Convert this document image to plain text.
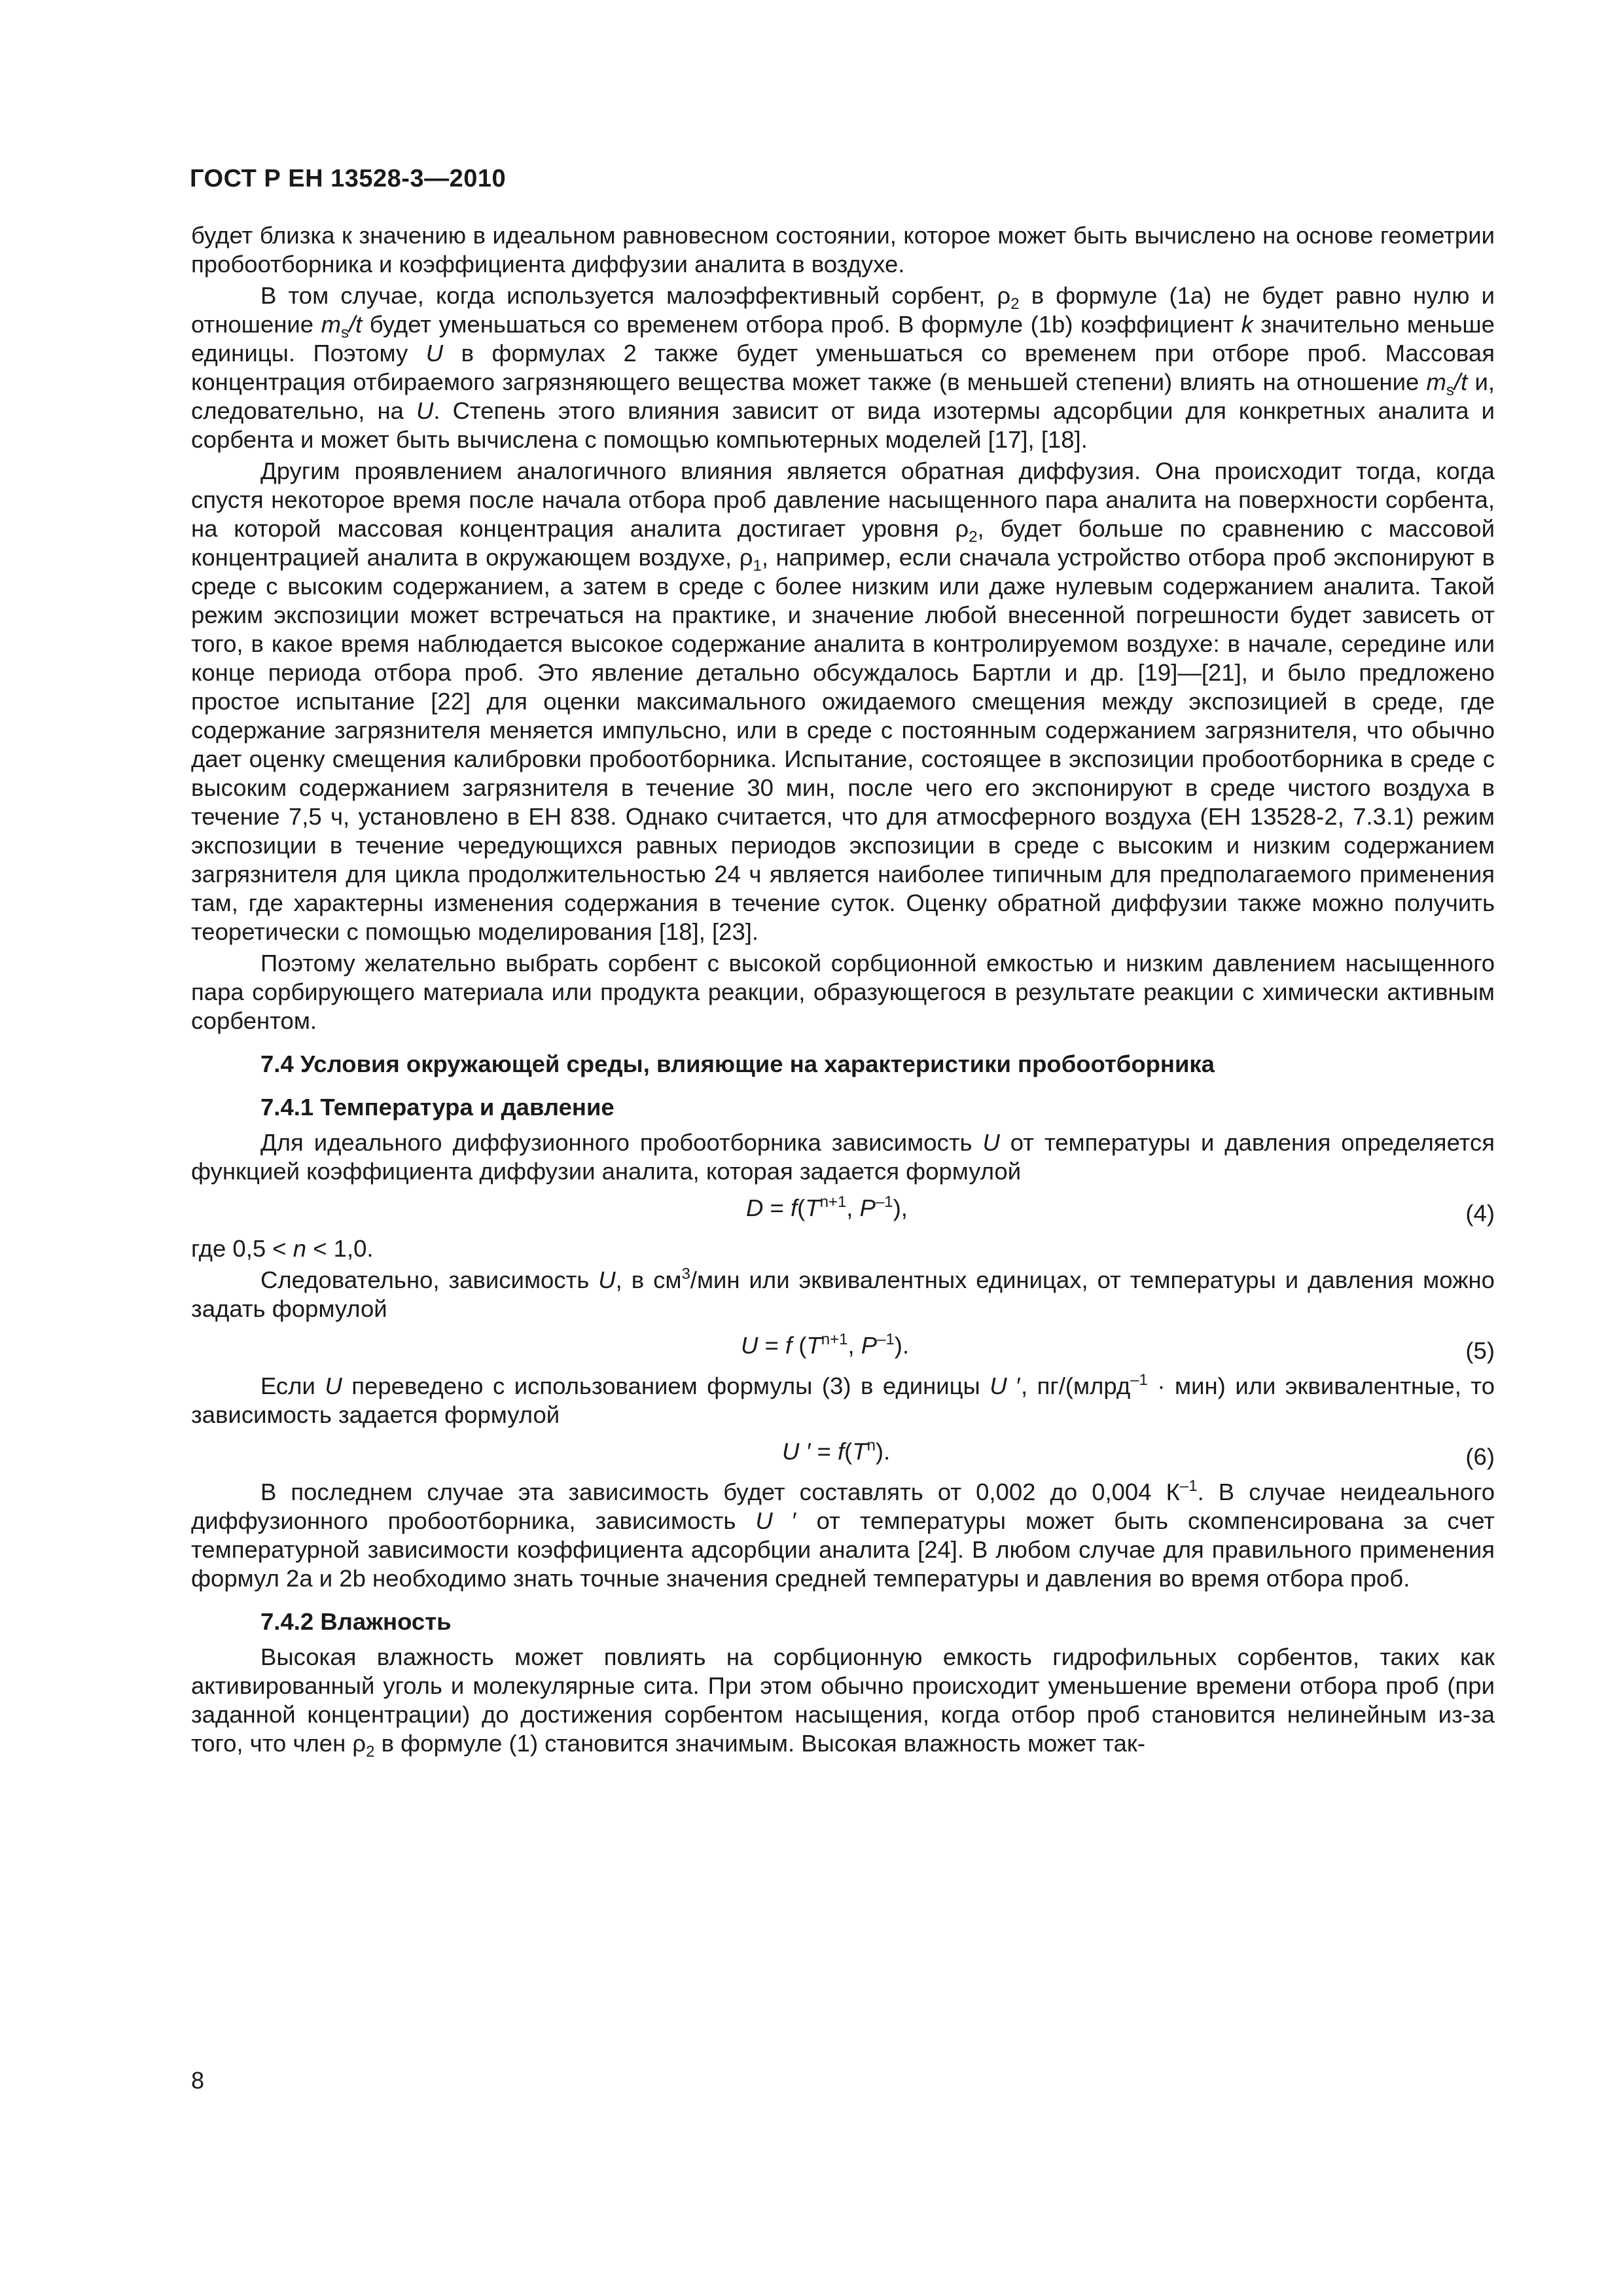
ГОСТ Р ЕН 13528-3—2010

будет близка к значению в идеальном равновесном состоянии, которое может быть вычислено на основе геометрии пробоотборника и коэффициента диффузии аналита в воздухе.

В том случае, когда используется малоэффективный сорбент, $\rho_2$ в формуле (1а) не будет равно нулю и отношение $m_s/t$ будет уменьшаться со временем отбора проб. В формуле (1b) коэффициент k значительно меньше единицы. Поэтому U в формулах 2 также будет уменьшаться со временем при отборе проб. Массовая концентрация отбираемого загрязняющего вещества может также (в меньшей степени) влиять на отношение $m_s/t$ и, следовательно, на U. Степень этого влияния зависит от вида изотермы адсорбции для конкретных аналита и сорбента и может быть вычислена с помощью компьютерных моделей [17], [18].

Другим проявлением аналогичного влияния является обратная диффузия. Она происходит тогда, когда спустя некоторое время после начала отбора проб давление насыщенного пара аналита на поверхности сорбента, на которой массовая концентрация аналита достигает уровня $\rho_2$, будет больше по сравнению с массовой концентрацией аналита в окружающем воздухе, $\rho_1$, например, если сначала устройство отбора проб экспонируют в среде с высоким содержанием, а затем в среде с более низким или даже нулевым содержанием аналита. Такой режим экспозиции может встречаться на практике, и значение любой внесенной погрешности будет зависеть от того, в какое время наблюдается высокое содержание аналита в контролируемом воздухе: в начале, середине или конце периода отбора проб. Это явление детально обсуждалось Бартли и др. [19]—[21], и было предложено простое испытание [22] для оценки максимального ожидаемого смещения между экспозицией в среде, где содержание загрязнителя меняется импульсно, или в среде с постоянным содержанием загрязнителя, что обычно дает оценку смещения калибровки пробоотборника. Испытание, состоящее в экспозиции пробоотборника в среде с высоким содержанием загрязнителя в течение 30 мин, после чего его экспонируют в среде чистого воздуха в течение 7,5 ч, установлено в ЕН 838. Однако считается, что для атмосферного воздуха (ЕН 13528-2, 7.3.1) режим экспозиции в течение чередующихся равных периодов экспозиции в среде с высоким и низким содержанием загрязнителя для цикла продолжительностью 24 ч является наиболее типичным для предполагаемого применения там, где характерны изменения содержания в течение суток. Оценку обратной диффузии также можно получить теоретически с помощью моделирования [18], [23].

Поэтому желательно выбрать сорбент с высокой сорбционной емкостью и низким давлением насыщенного пара сорбирующего материала или продукта реакции, образующегося в результате реакции с химически активным сорбентом.

7.4 Условия окружающей среды, влияющие на характеристики пробоотборника
7.4.1 Температура и давление

Для идеального диффузионного пробоотборника зависимость U от температуры и давления определяется функцией коэффициента диффузии аналита, которая задается формулой

$D = f(T^{n+1}$, $P^{-1}$),	(4)

где 0,5 < n < 1,0.

Следовательно, зависимость U, в $см^3$/мин или эквивалентных единицах, от температуры и давления можно задать формулой

U = f ($T^{n+1}$, $P^{-1}$).	(5)

Если U переведено с использованием формулы (3) в единицы U ′, пг/(млрд$^{-1}$ · мин) или эквивалентные, то зависимость задается формулой

U ′ = $f(T^n)$.	(6)

В последнем случае эта зависимость будет составлять от 0,002 до 0,004 $К^{-1}$. В случае неидеального диффузионного пробоотборника, зависимость U ′ от температуры может быть скомпенсирована за счет температурной зависимости коэффициента адсорбции аналита [24]. В любом случае для правильного применения формул 2а и 2b необходимо знать точные значения средней температуры и давления во время отбора проб.

7.4.2 Влажность

Высокая влажность может повлиять на сорбционную емкость гидрофильных сорбентов, таких как активированный уголь и молекулярные сита. При этом обычно происходит уменьшение времени отбора проб (при заданной концентрации) до достижения сорбентом насыщения, когда отбор проб становится нелинейным из-за того, что член $\rho_2$ в формуле (1) становится значимым. Высокая влажность может так-

8
